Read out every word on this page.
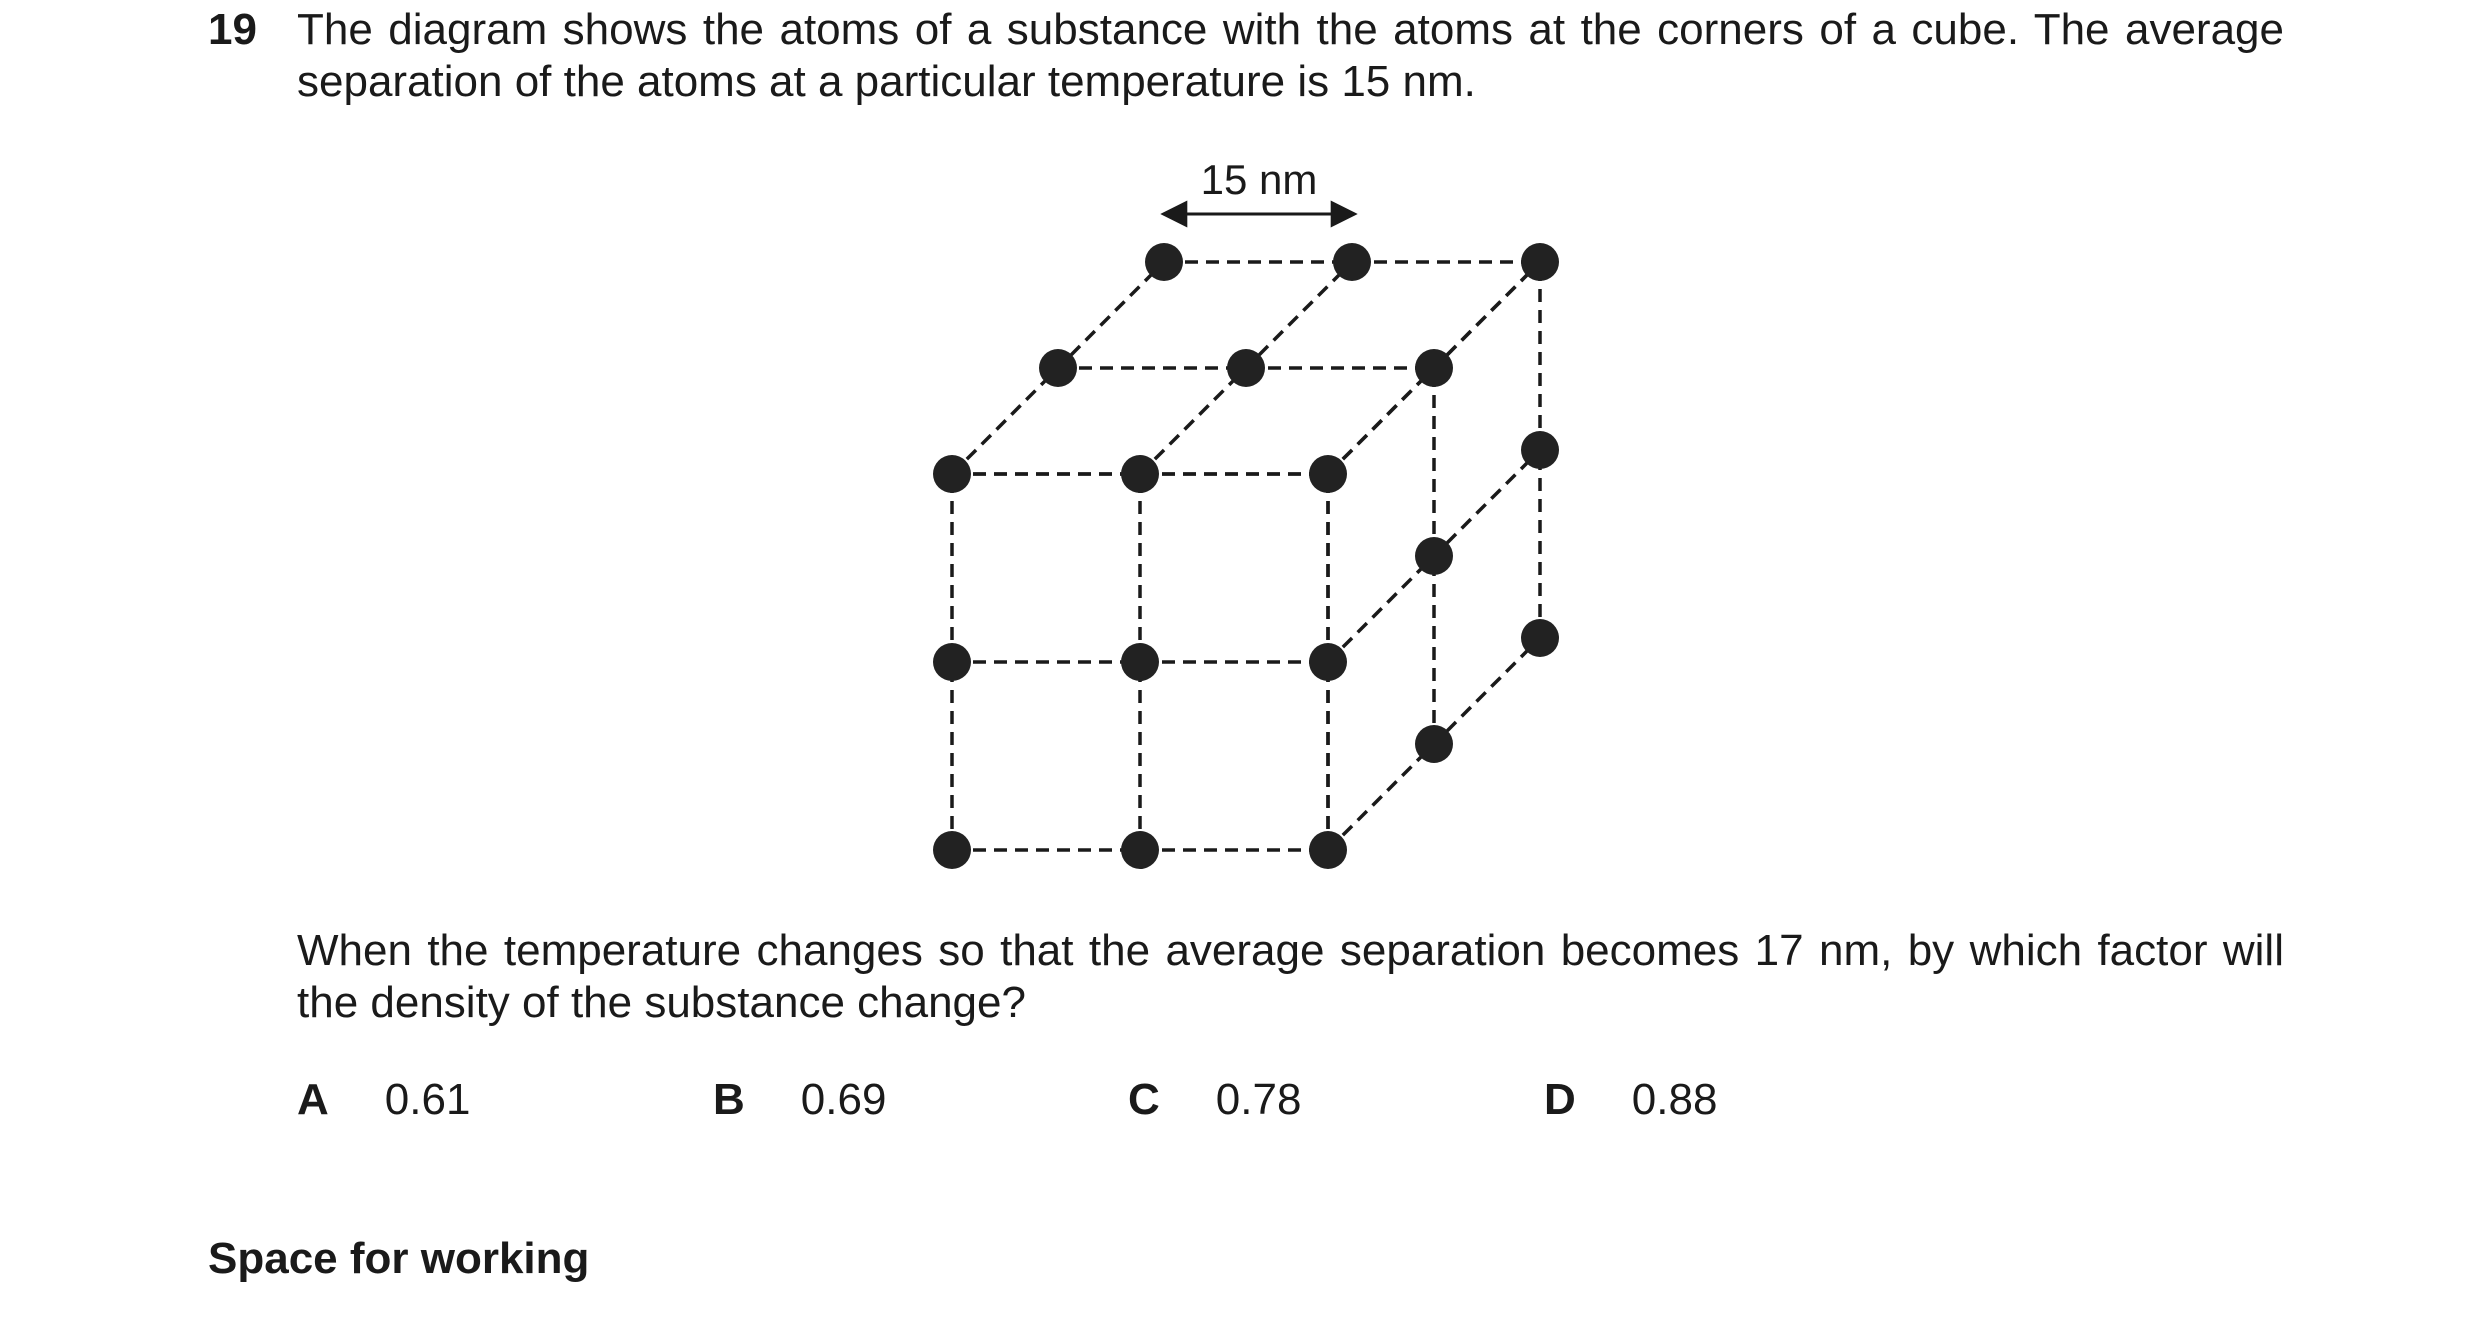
19 The diagram shows the atoms of a substance with the atoms at the corners of a cube. The average separation of the atoms at a particular temperature is 15 nm.
15 nm
When the temperature changes so that the average separation becomes 17 nm, by which factor will the density of the substance change?
A 0.61	B 0.69	C 0.78	D 0.88
Space for working
